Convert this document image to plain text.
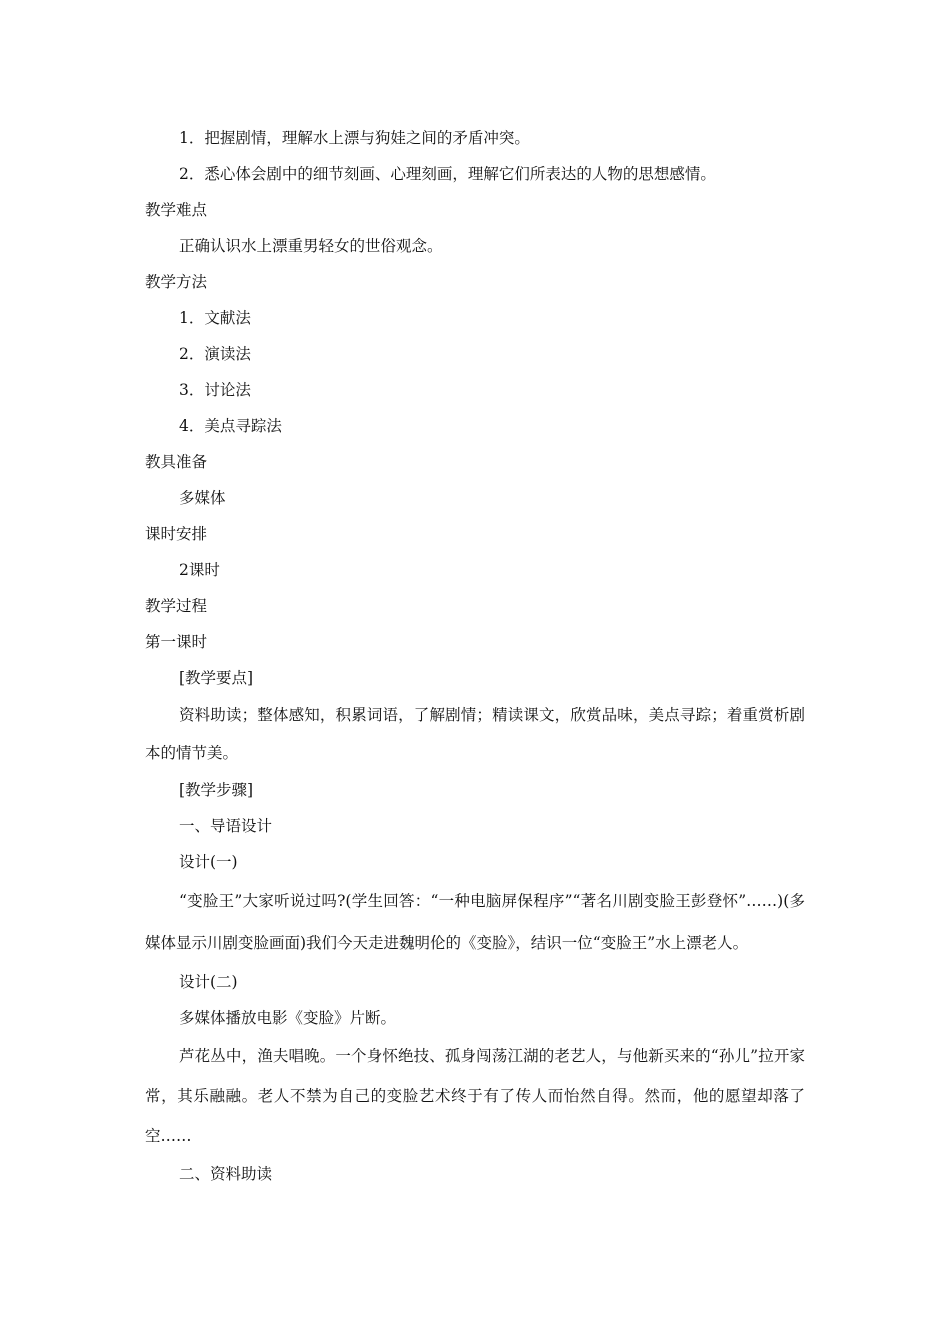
1．把握剧情，理解水上漂与狗娃之间的矛盾冲突。
2．悉心体会剧中的细节刻画、心理刻画，理解它们所表达的人物的思想感情。
教学难点
正确认识水上漂重男轻女的世俗观念。
教学方法
1．文献法
2．演读法
3．讨论法
4．美点寻踪法
教具准备
多媒体
课时安排
2课时
教学过程
第一课时
[教学要点]

资料助读；整体感知，积累词语，了解剧情；精读课文，欣赏品味，美点寻踪；着重赏析剧本的情节美。

[教学步骤]
一、导语设计
设计(一)

“变脸王”大家听说过吗?(学生回答：“一种电脑屏保程序”“著名川剧变脸王彭登怀”……)(多媒体显示川剧变脸画面)我们今天走进魏明伦的《变脸》，结识一位“变脸王”水上漂老人。

设计(二)
多媒体播放电影《变脸》片断。

芦花丛中，渔夫唱晚。一个身怀绝技、孤身闯荡江湖的老艺人，与他新买来的“孙儿”拉开家常，其乐融融。老人不禁为自己的变脸艺术终于有了传人而怡然自得。然而，他的愿望却落了空……

二、资料助读
